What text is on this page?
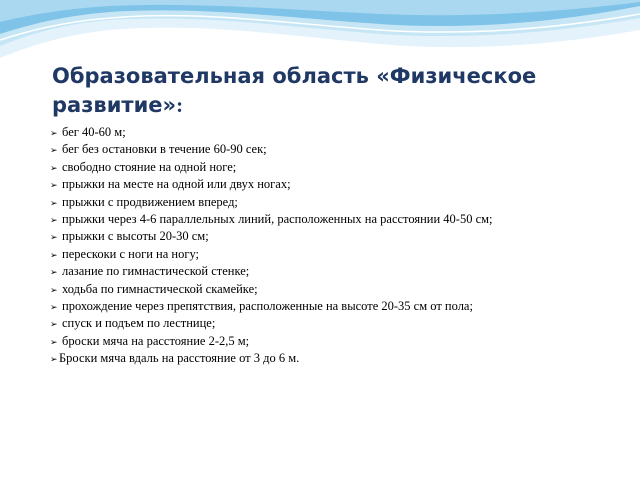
Образовательная область «Физическое развитие»:
➢ бег 40-60 м;
➢ бег без остановки в течение 60-90 сек;
➢ свободно стояние на одной ноге;
➢ прыжки на месте на одной или двух ногах;
➢ прыжки с продвижением вперед;
➢ прыжки через 4-6 параллельных линий, расположенных на расстоянии 40-50 см;
➢ прыжки с высоты 20-30 см;
➢ перескоки с ноги на ногу;
➢ лазание по гимнастической стенке;
➢ ходьба по гимнастической скамейке;
➢ прохождение через препятствия, расположенные на высоте 20-35 см от пола;
➢ спуск и подъем по лестнице;
➢ броски мяча на расстояние 2-2,5 м;
➢Броски мяча вдаль на расстояние от 3 до 6 м.
